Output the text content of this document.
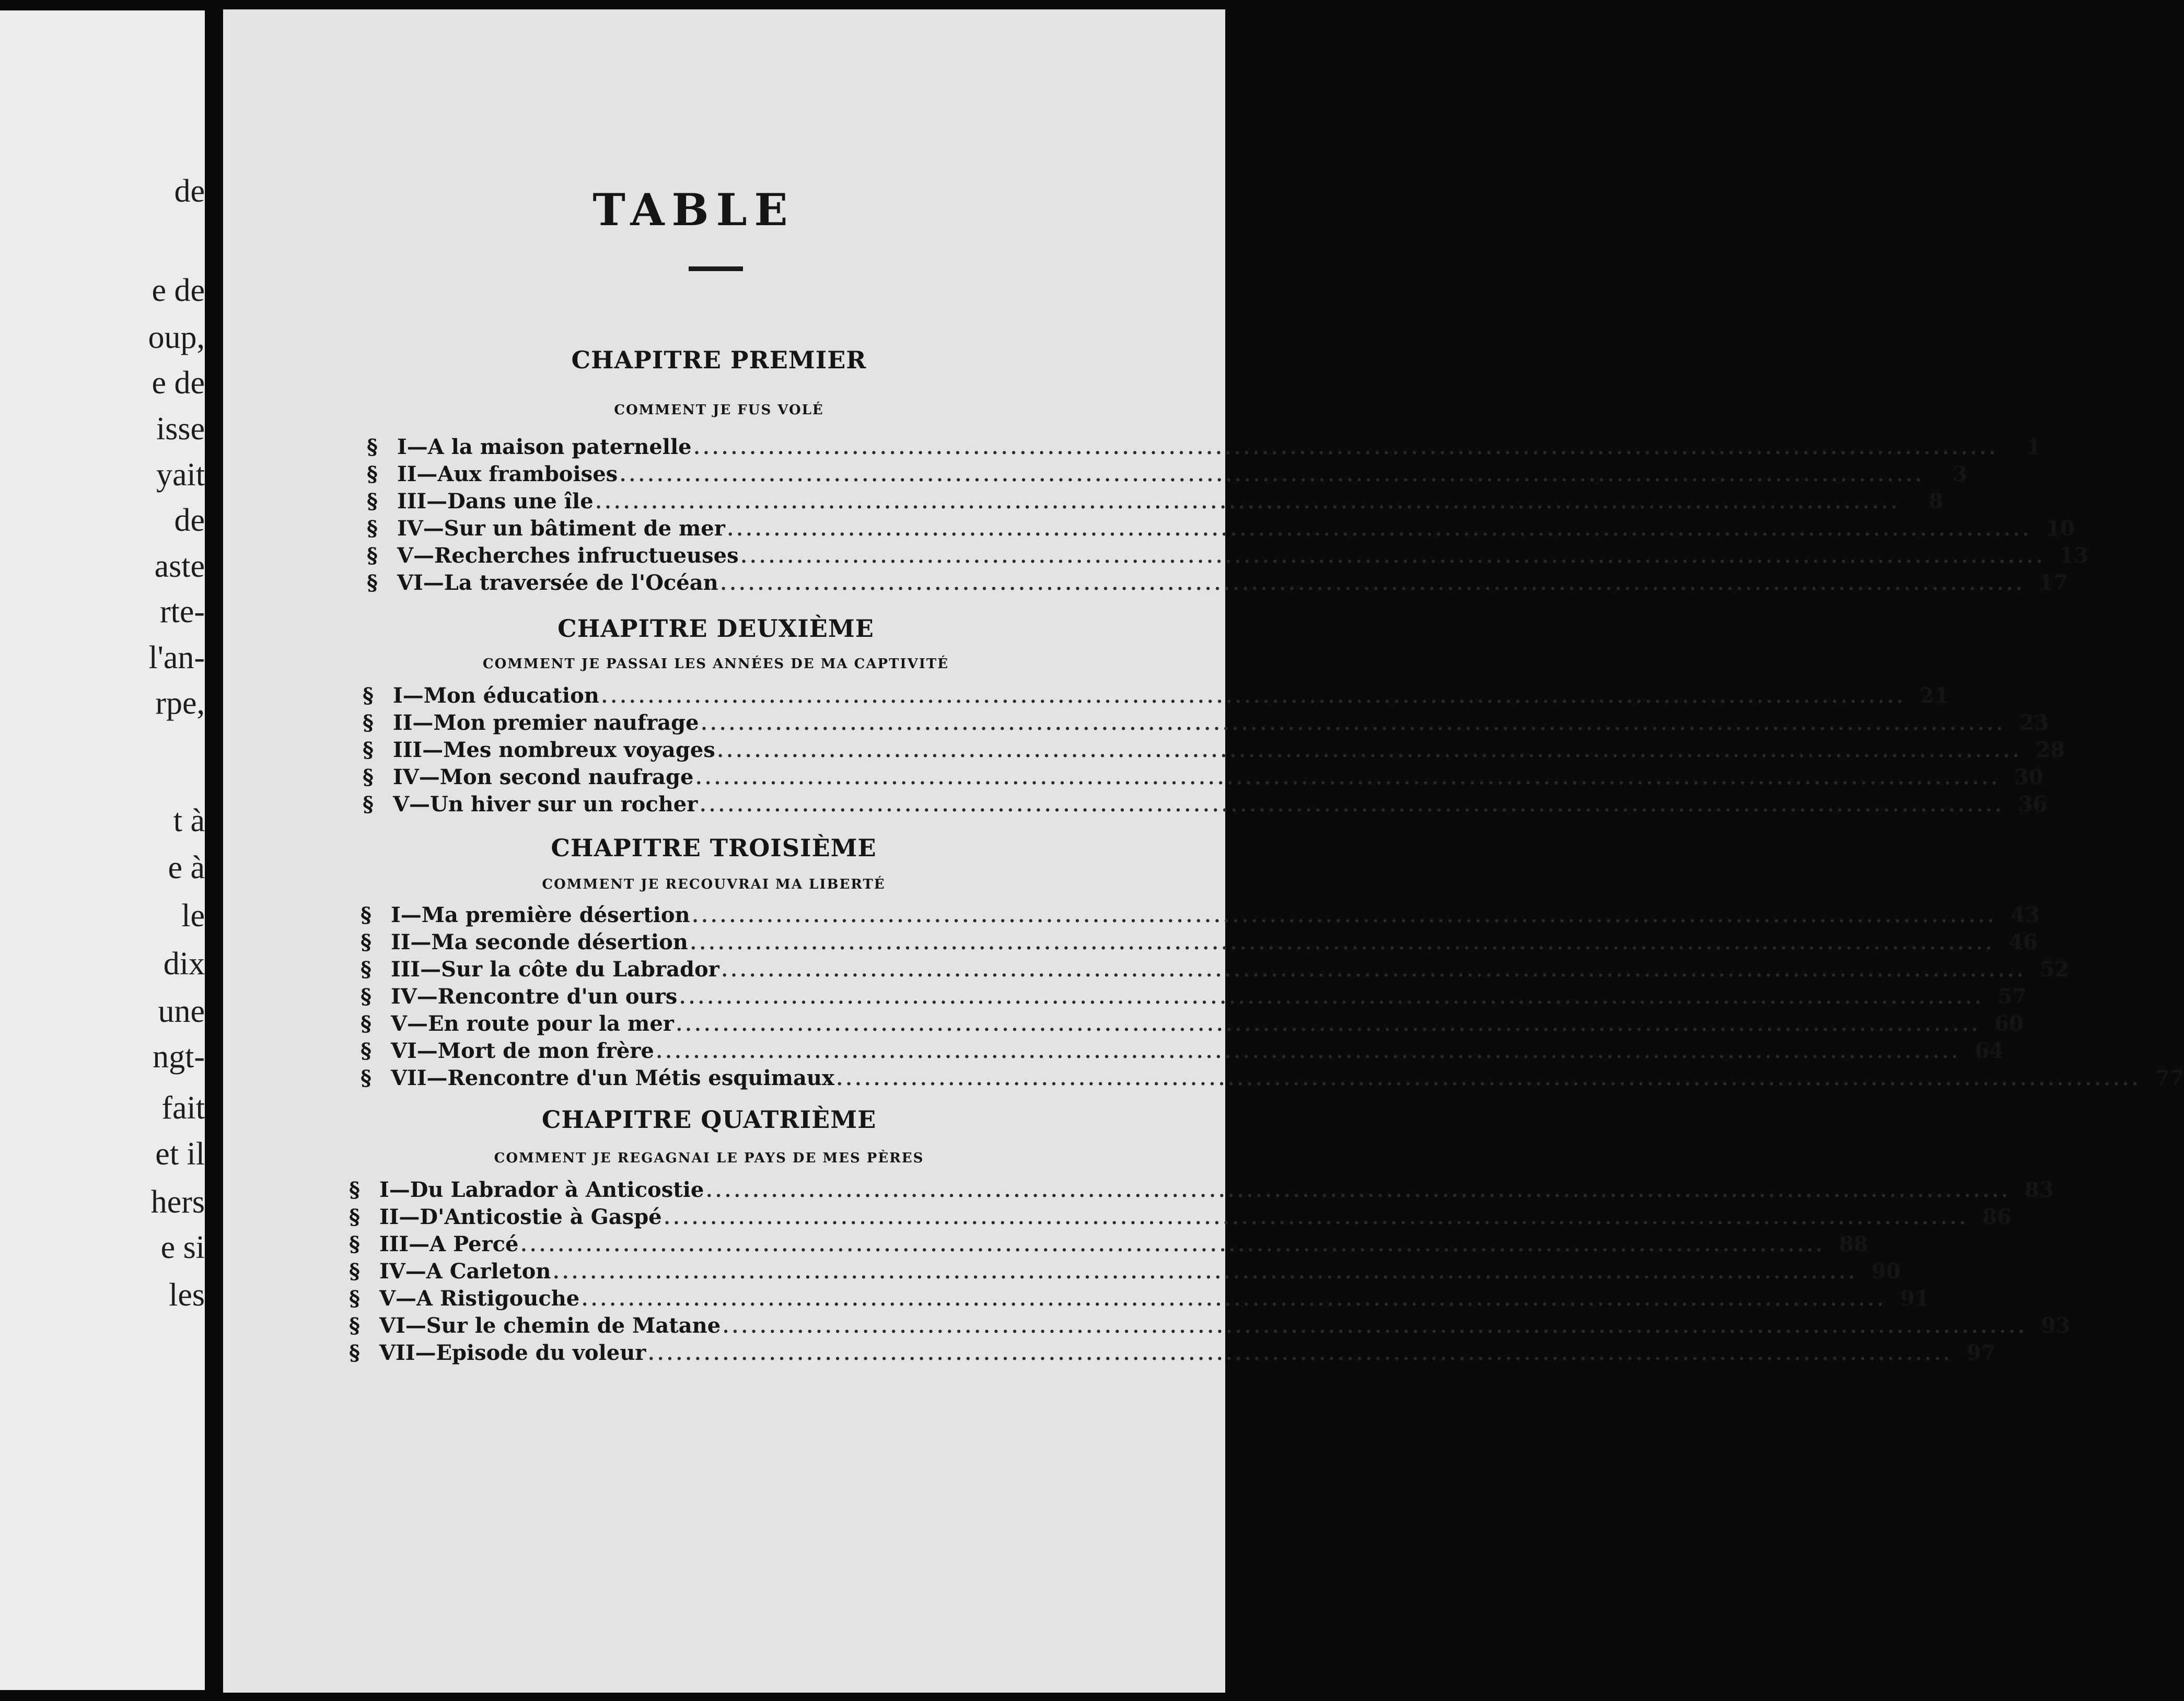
de
e de
oup,
e de
isse
yait
de
aste
rte-
l'an-
rpe,
t à
e à
le
dix
une
ngt-
fait
et il
hers
e si
les
TABLE
CHAPITRE PREMIER
COMMENT JE FUS VOLÉ
§ I—A la maison paternelle ............................................................................................................................................	1
§ II—Aux framboises ............................................................................................................................................	3
§ III—Dans une île ............................................................................................................................................	8
§ IV—Sur un bâtiment de mer ............................................................................................................................................ 10
§ V—Recherches infructueuses ............................................................................................................................................ 13
§ VI—La traversée de l'Océan ............................................................................................................................................ 17
CHAPITRE DEUXIÈME
COMMENT JE PASSAI LES ANNÉES DE MA CAPTIVITÉ
§ I—Mon éducation ............................................................................................................................................ 21
§ II—Mon premier naufrage ............................................................................................................................................ 23
§ III—Mes nombreux voyages ............................................................................................................................................ 28
§ IV—Mon second naufrage ............................................................................................................................................ 30
§ V—Un hiver sur un rocher ............................................................................................................................................ 36
CHAPITRE TROISIÈME
COMMENT JE RECOUVRAI MA LIBERTÉ
§ I—Ma première désertion ............................................................................................................................................ 43
§ II—Ma seconde désertion ............................................................................................................................................ 46
§ III—Sur la côte du Labrador ............................................................................................................................................ 52
§ IV—Rencontre d'un ours ............................................................................................................................................ 57
§ V—En route pour la mer ............................................................................................................................................ 60
§ VI—Mort de mon frère ............................................................................................................................................ 64
§ VII—Rencontre d'un Métis esquimaux ............................................................................................................................................ 77
CHAPITRE QUATRIÈME
COMMENT JE REGAGNAI LE PAYS DE MES PÈRES
§ I—Du Labrador à Anticostie ............................................................................................................................................ 83
§ II—D'Anticostie à Gaspé ............................................................................................................................................ 86
§ III—A Percé ............................................................................................................................................ 88
§ IV—A Carleton ............................................................................................................................................ 90
§ V—A Ristigouche ............................................................................................................................................ 91
§ VI—Sur le chemin de Matane ............................................................................................................................................ 93
§ VII—Episode du voleur ............................................................................................................................................ 97
